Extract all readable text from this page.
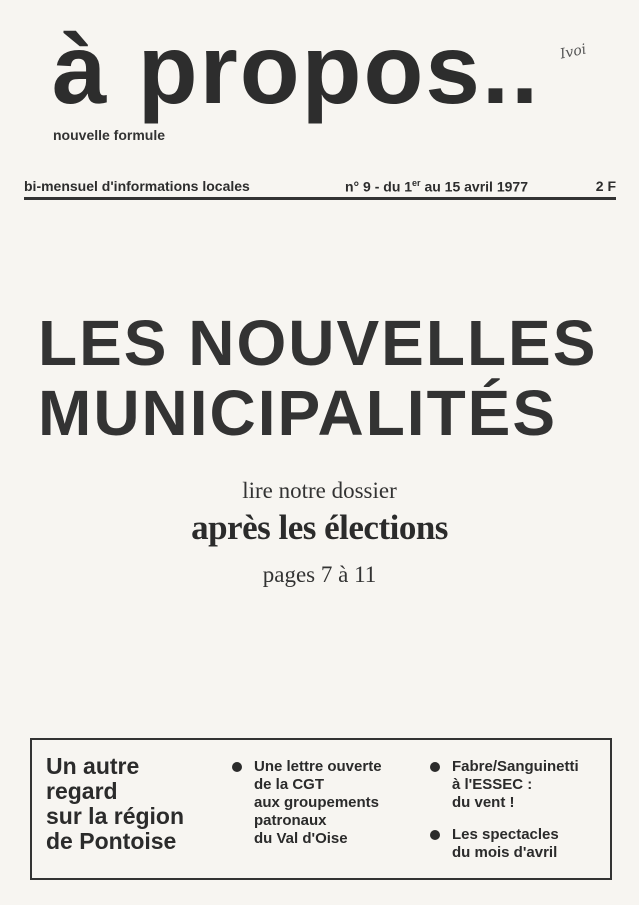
à propos.. Ivoi
nouvelle formule
bi-mensuel d'informations locales	n° 9 - du 1er au 15 avril 1977	2 F
LES NOUVELLES
MUNICIPALITÉS
lire notre dossier
après les élections
pages 7 à 11
Un autre
regard
sur la région
de Pontoise
Une lettre ouverte
de la CGT
aux groupements
patronaux
du Val d'Oise
Fabre/Sanguinetti
à l'ESSEC :
du vent !
Les spectacles
du mois d'avril
